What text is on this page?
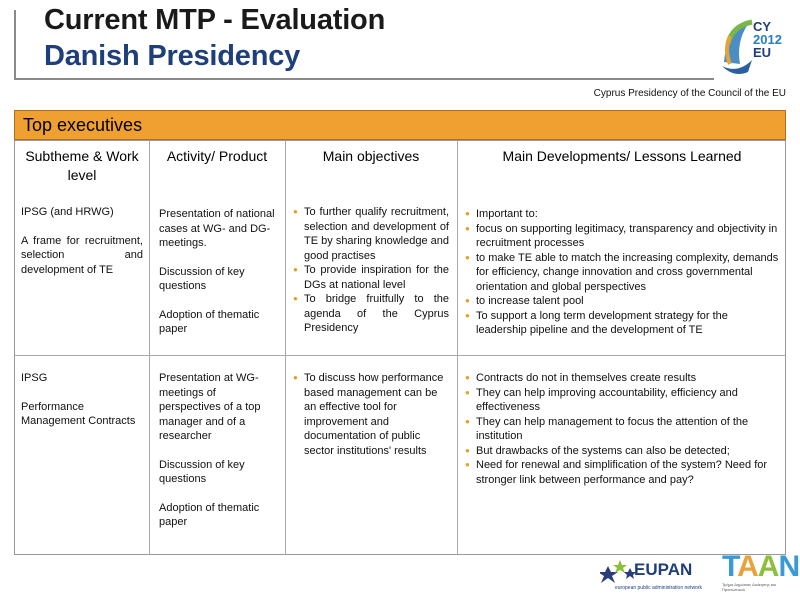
Current MTP - Evaluation
Danish Presidency
CY
2012
EU
Cyprus Presidency of the Council of the EU
Top executives
Subtheme & Work level
Activity/ Product	Main objectives	Main Developments/ Lessons Learned
IPSG (and HRWG)
A frame for recruitment, selection and development of TE
Presentation of national cases at WG- and DG-meetings.
Discussion of key questions
Adoption of thematic paper
● To further qualify recruitment, selection and development of TE by sharing knowledge and good practises
● To provide inspiration for the DGs at national level
● To bridge fruitfully to the agenda of the Cyprus Presidency
● Important to:
● focus on supporting legitimacy, transparency and objectivity in recruitment processes
● to make TE able to match the increasing complexity, demands for efficiency, change innovation and cross governmental orientation and global perspectives
● to increase talent pool
● To support a long term development strategy for the leadership pipeline and the development of TE
IPSG
Performance Management Contracts
Presentation at WG-meetings of perspectives of a top manager and of a researcher
Discussion of key questions
Adoption of thematic paper
● To discuss how performance based management can be an effective tool for improvement and documentation of public sector institutions' results
● Contracts do not in themselves create results
● They can help improving accountability, efficiency and effectiveness
● They can help management to focus the attention of the institution
● But drawbacks of the systems can also be detected;
● Need for renewal and simplification of the system? Need for stronger link between performance and pay?
EUPAN
european public administration network
TAAN
Τμήμα Δημόσιας Διοίκησης και Προσωπικού
